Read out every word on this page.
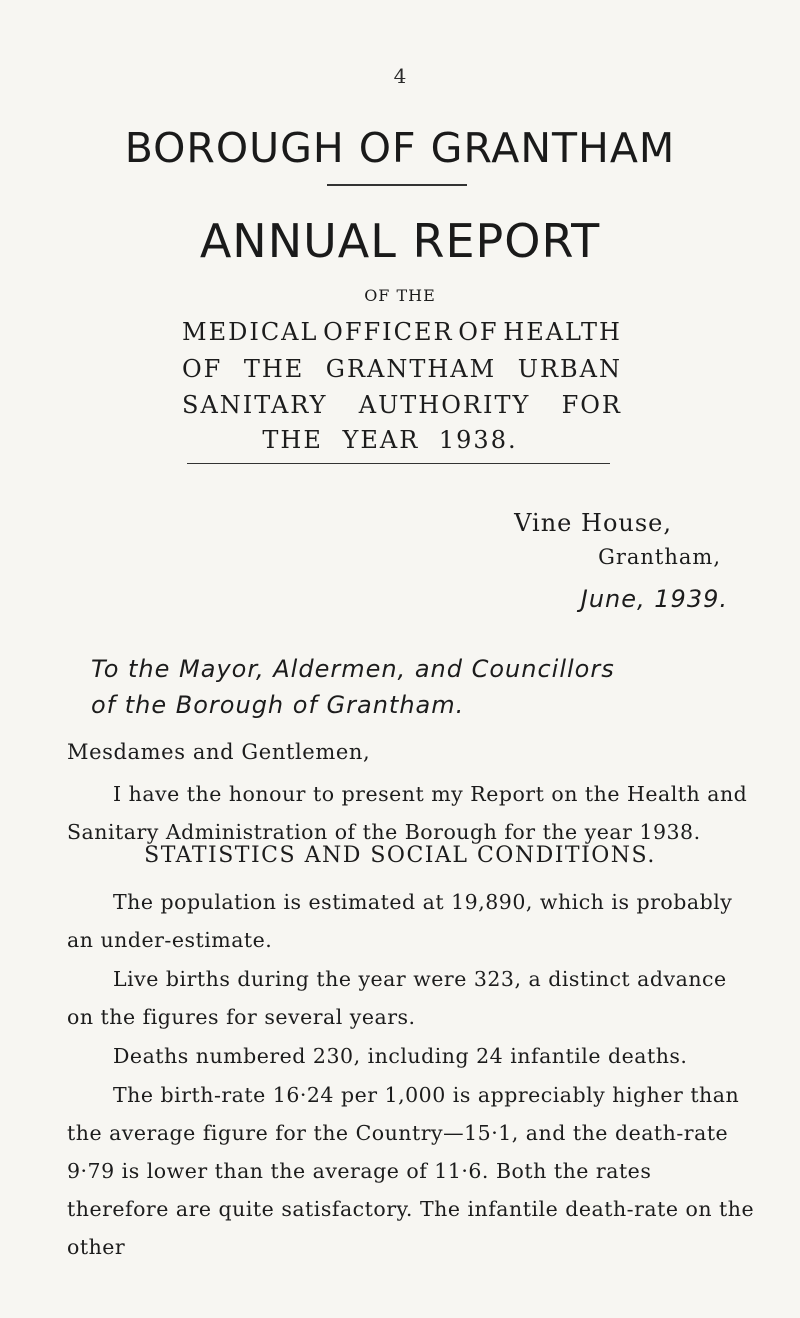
4
BOROUGH OF GRANTHAM
ANNUAL REPORT
OF THE
MEDICAL OFFICER OF HEALTH
OF THE GRANTHAM URBAN
SANITARY AUTHORITY FOR
THE YEAR 1938.
Vine House,
Grantham,
June, 1939.
To the Mayor, Aldermen, and Councillors
of the Borough of Grantham.
Mesdames and Gentlemen,
I have the honour to present my Report on the Health and Sanitary Administration of the Borough for the year 1938.
STATISTICS AND SOCIAL CONDITIONS.
The population is estimated at 19,890, which is probably an under-estimate.
Live births during the year were 323, a distinct advance on the figures for several years.
Deaths numbered 230, including 24 infantile deaths.
The birth-rate 16·24 per 1,000 is appreciably higher than the average figure for the Country—15·1, and the death-rate 9·79 is lower than the average of 11·6. Both the rates therefore are quite satisfactory. The infantile death-rate on the other
